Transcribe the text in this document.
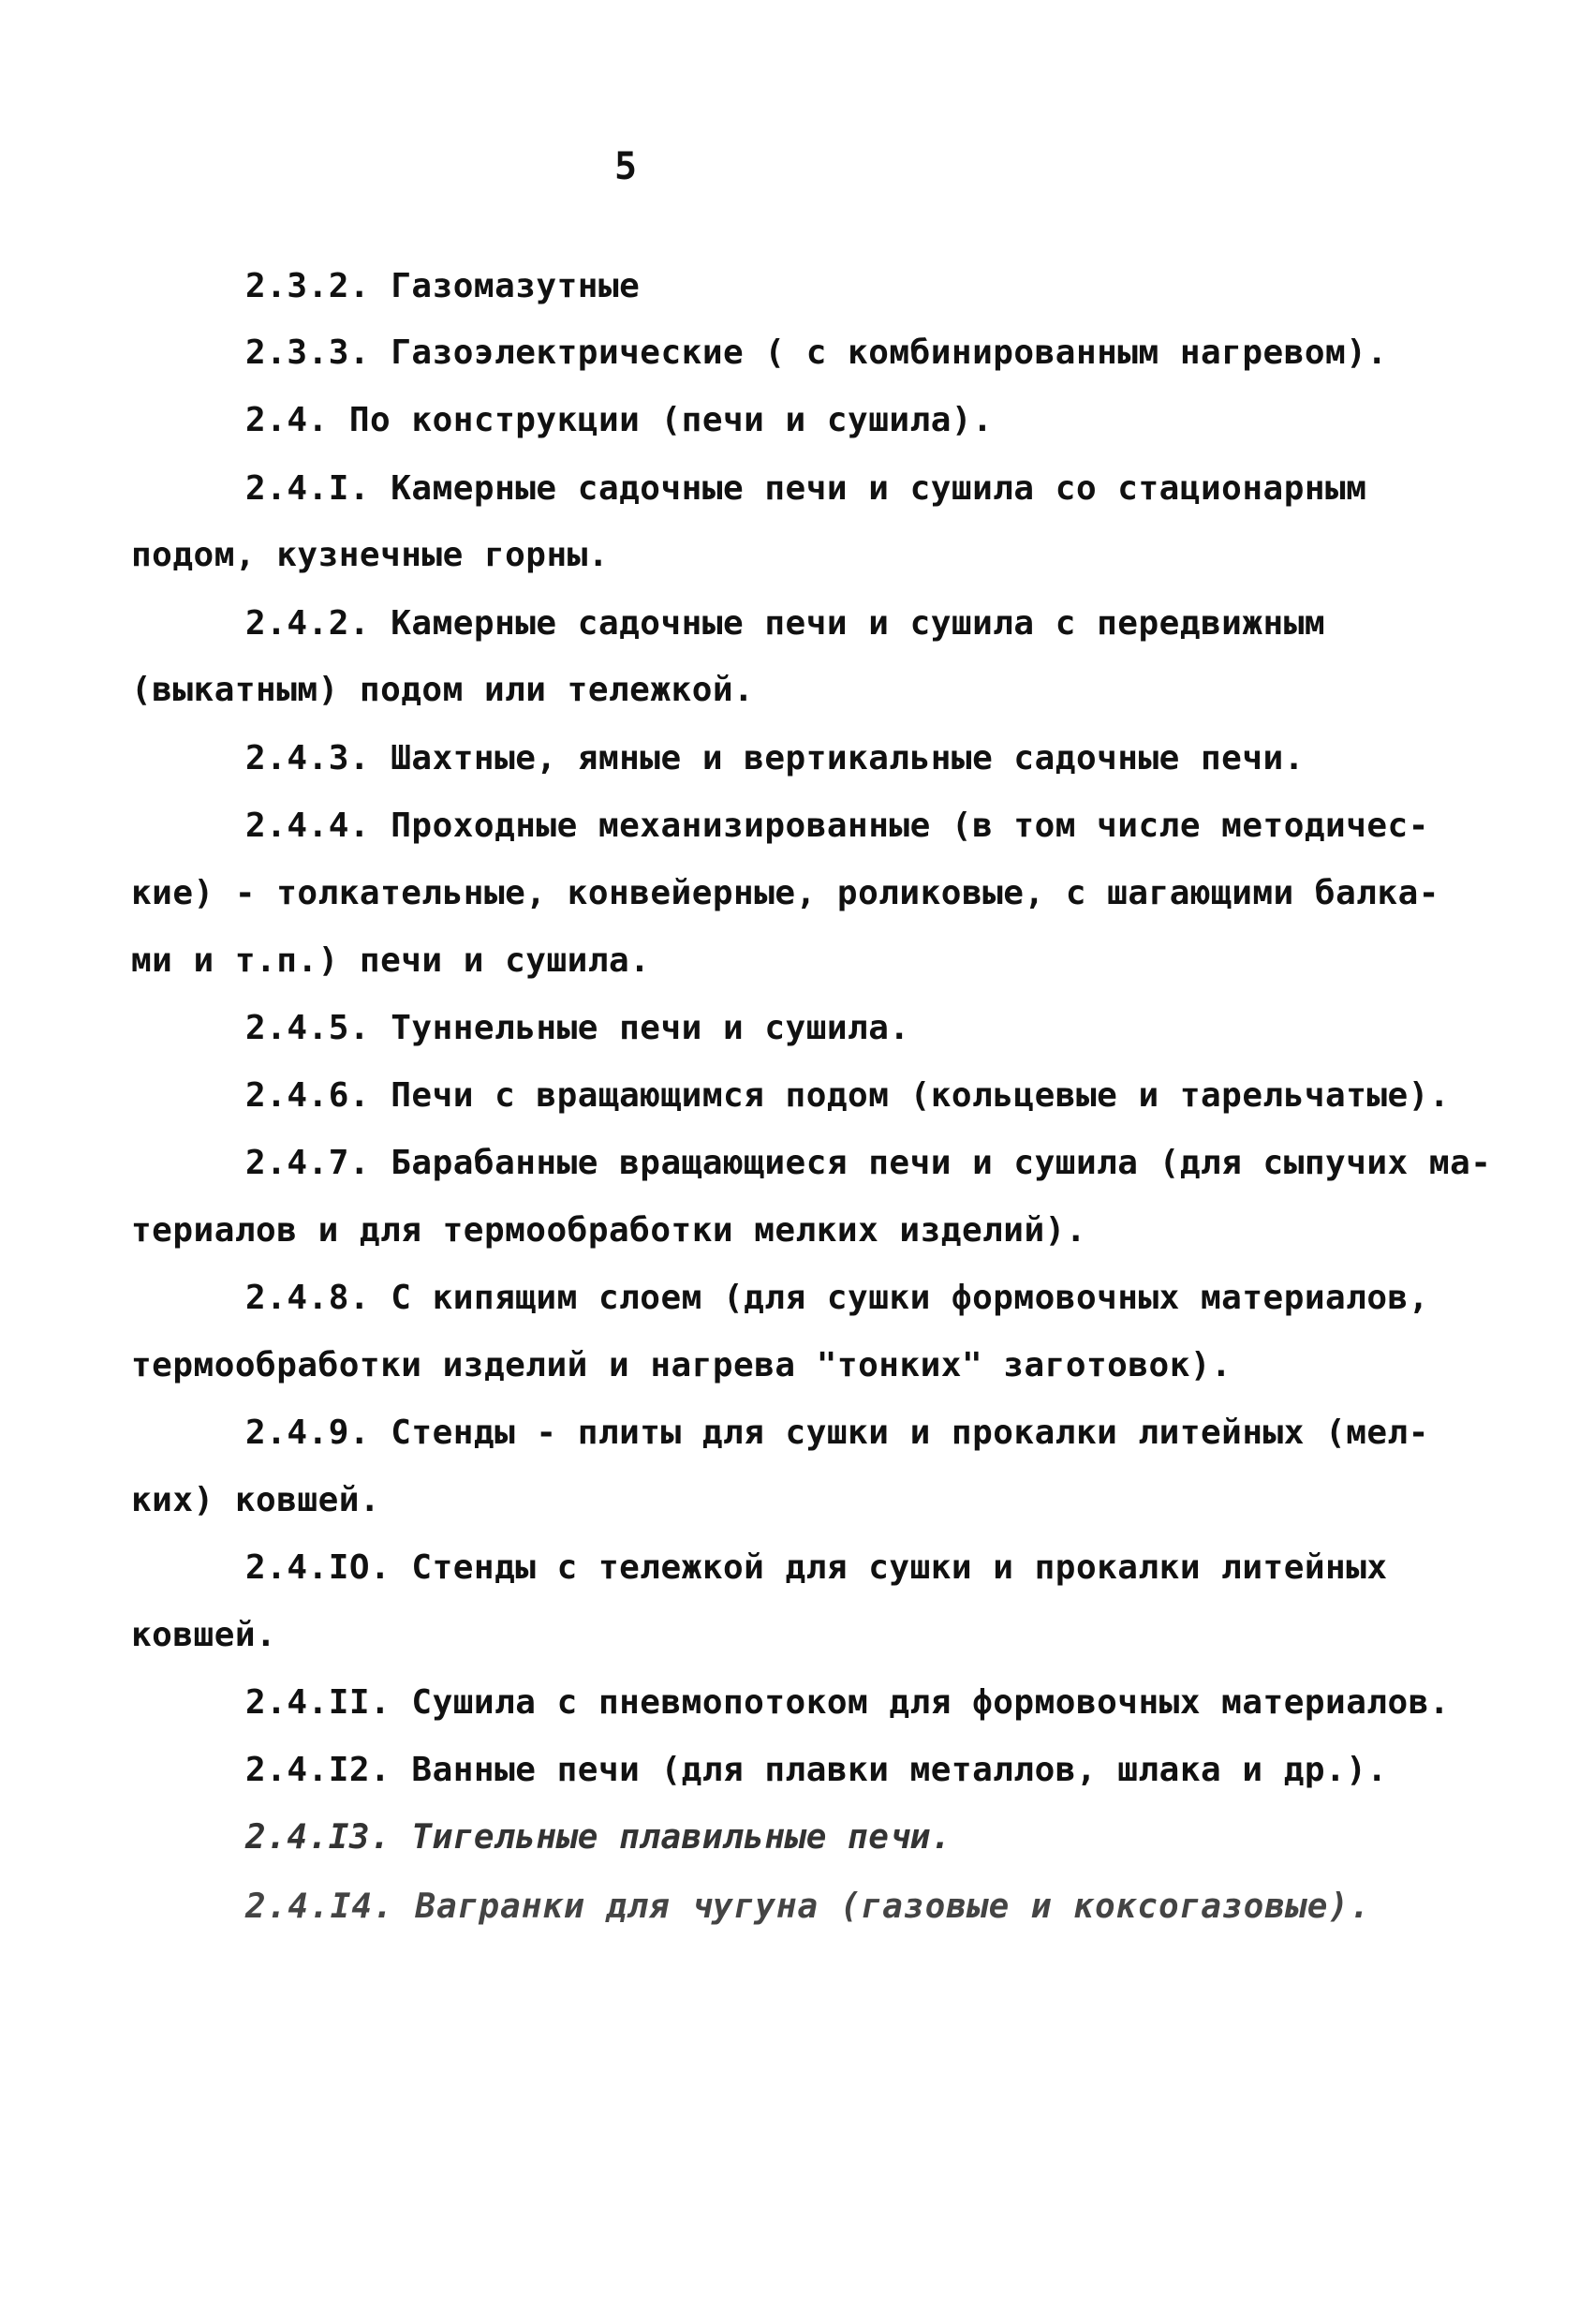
5
2.3.2. Газомазутные
2.3.3. Газоэлектрические ( с комбинированным нагревом).
2.4. По конструкции (печи и сушила).
2.4.I. Камерные садочные печи и сушила со стационарным
подом, кузнечные горны.
2.4.2. Камерные садочные печи и сушила с передвижным
(выкатным) подом или тележкой.
2.4.3. Шахтные, ямные и вертикальные садочные печи.
2.4.4. Проходные механизированные (в том числе методичес-
кие) - толкательные, конвейерные, роликовые, с шагающими балка-
ми и т.п.) печи и сушила.
2.4.5. Туннельные печи и сушила.
2.4.6. Печи с вращающимся подом (кольцевые и тарельчатые).
2.4.7. Барабанные вращающиеся печи и сушила (для сыпучих ма-
териалов и для термообработки мелких изделий).
2.4.8. С кипящим слоем (для сушки формовочных материалов,
термообработки изделий и нагрева "тонких" заготовок).
2.4.9. Стенды - плиты для сушки и прокалки литейных (мел-
ких) ковшей.
2.4.IO. Стенды с тележкой для сушки и прокалки литейных
ковшей.
2.4.II. Сушила с пневмопотоком для формовочных материалов.
2.4.I2. Ванные печи (для плавки металлов, шлака и др.).
2.4.I3. Тигельные плавильные печи.
2.4.I4. Вагранки для чугуна (газовые и коксогазовые).
